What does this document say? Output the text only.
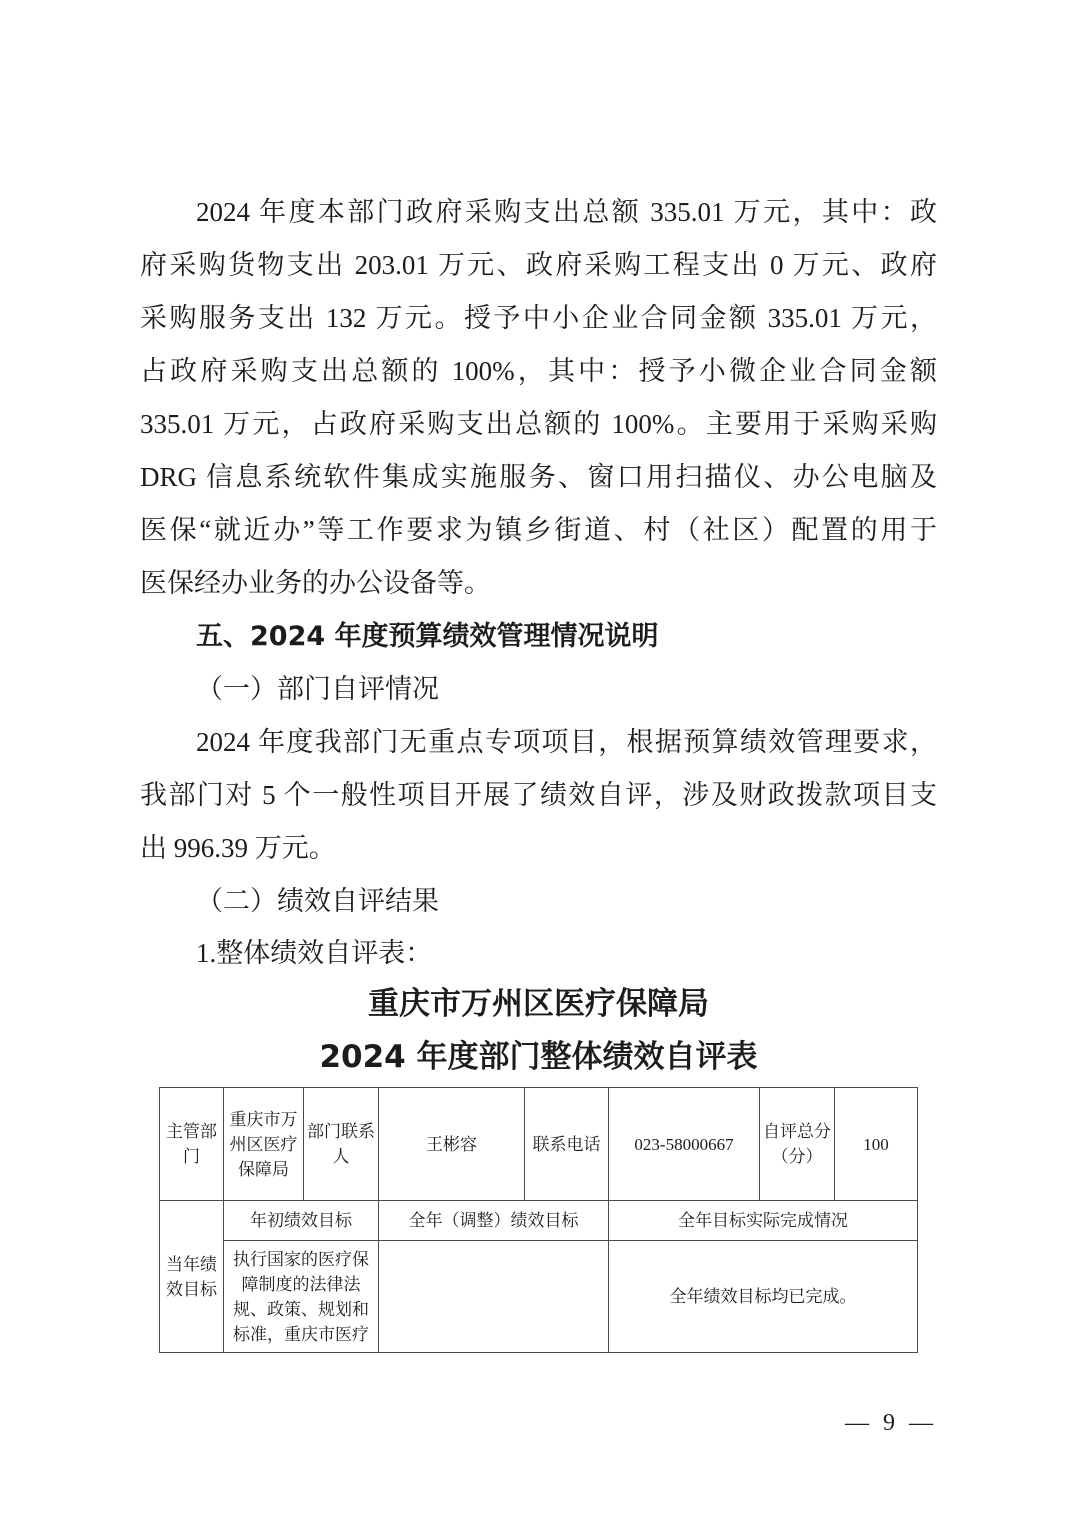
2024 年度本部门政府采购支出总额 335.01 万元，其中：政
府采购货物支出 203.01 万元、政府采购工程支出 0 万元、政府
采购服务支出 132 万元。授予中小企业合同金额 335.01 万元，
占政府采购支出总额的 100%，其中：授予小微企业合同金额
335.01 万元，占政府采购支出总额的 100%。主要用于采购采购
DRG 信息系统软件集成实施服务、窗口用扫描仪、办公电脑及
医保“就近办”等工作要求为镇乡街道、村（社区）配置的用于
医保经办业务的办公设备等。
五、2024 年度预算绩效管理情况说明
（一）部门自评情况
2024 年度我部门无重点专项项目，根据预算绩效管理要求，
我部门对 5 个一般性项目开展了绩效自评，涉及财政拨款项目支
出 996.39 万元。
（二）绩效自评结果
1.整体绩效自评表：
重庆市万州区医疗保障局
2024 年度部门整体绩效自评表
主管部门	重庆市万州区医疗保障局	部门联系人	王彬容	联系电话	023-58000667	自评总分（分）	100
当年绩效目标	年初绩效目标		全年（调整）绩效目标		全年目标实际完成情况		
	执行国家的医疗保障制度的法律法规、政策、规划和标准，重庆市医疗				全年绩效目标均已完成。		
— 9 —
